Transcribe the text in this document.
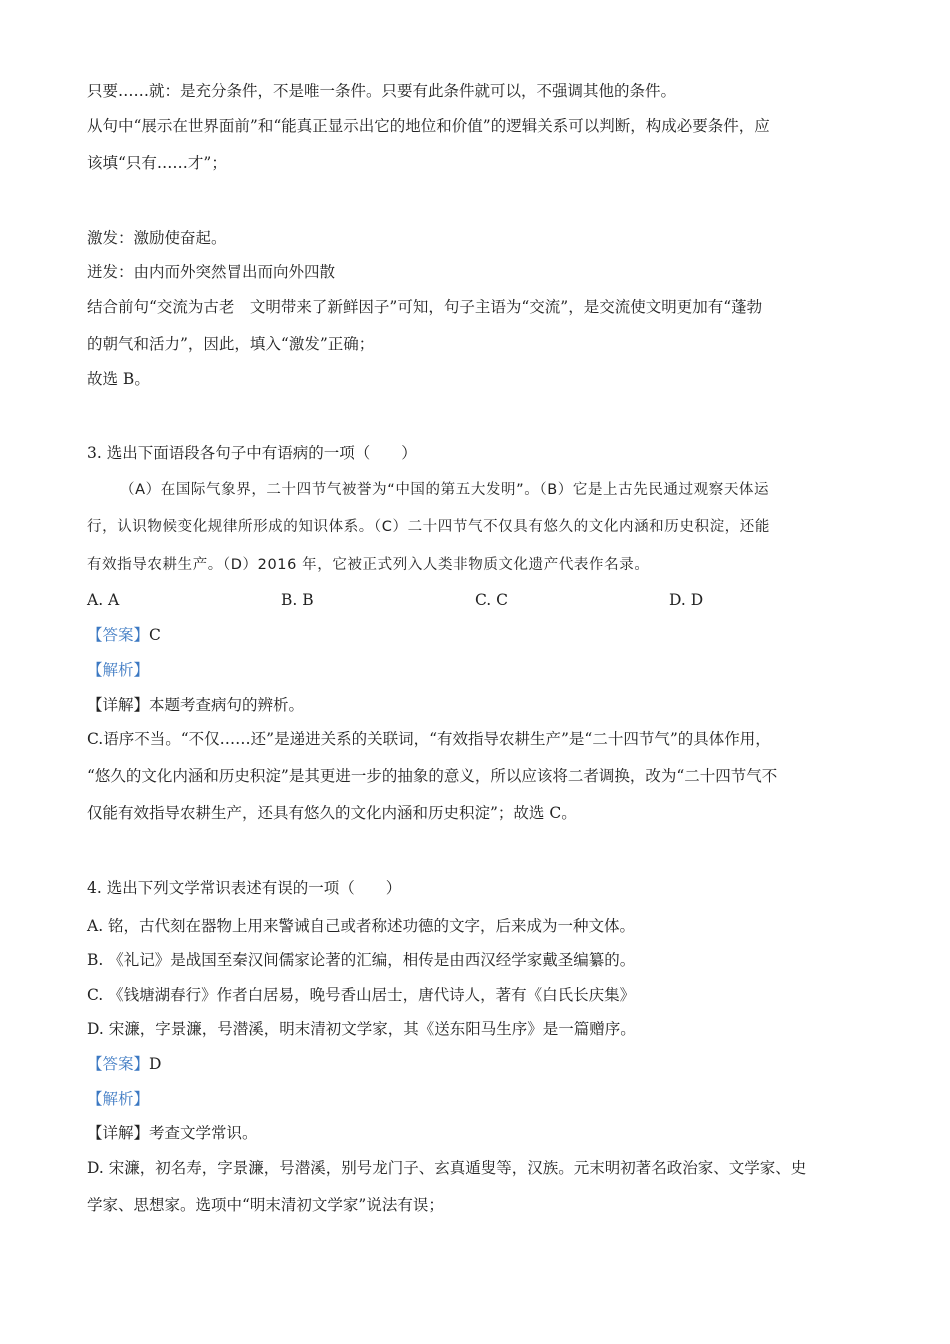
只要……就：是充分条件，不是唯一条件。只要有此条件就可以，不强调其他的条件。
从句中“展示在世界面前”和“能真正显示出它的地位和价值”的逻辑关系可以判断，构成必要条件，应
该填“只有……才”；
激发：激励使奋起。
迸发：由内而外突然冒出而向外四散
结合前句“交流为古老　文明带来了新鲜因子”可知，句子主语为“交流”，是交流使文明更加有“蓬勃
的朝气和活力”，因此，填入“激发”正确；
故选 B。
3. 选出下面语段各句子中有语病的一项（　　）
（A）在国际气象界，二十四节气被誉为“中国的第五大发明”。（B）它是上古先民通过观察天体运
行，认识物候变化规律所形成的知识体系。（C）二十四节气不仅具有悠久的文化内涵和历史积淀，还能
有效指导农耕生产。（D）2016 年，它被正式列入人类非物质文化遗产代表作名录。
A. A	B. B	C. C	D. D
【答案】C
【解析】
【详解】本题考查病句的辨析。
C.语序不当。“不仅……还”是递进关系的关联词，“有效指导农耕生产”是“二十四节气”的具体作用，
“悠久的文化内涵和历史积淀”是其更进一步的抽象的意义，所以应该将二者调换，改为“二十四节气不
仅能有效指导农耕生产，还具有悠久的文化内涵和历史积淀”；故选 C。
4. 选出下列文学常识表述有误的一项（　　）
A. 铭，古代刻在器物上用来警诫自己或者称述功德的文字，后来成为一种文体。
B. 《礼记》是战国至秦汉间儒家论著的汇编，相传是由西汉经学家戴圣编纂的。
C. 《钱塘湖春行》作者白居易，晚号香山居士，唐代诗人，著有《白氏长庆集》
D. 宋濂，字景濂，号潜溪，明末清初文学家，其《送东阳马生序》是一篇赠序。
【答案】D
【解析】
【详解】考查文学常识。
D. 宋濂，初名寿，字景濂，号潜溪，别号龙门子、玄真遁叟等，汉族。元末明初著名政治家、文学家、史
学家、思想家。选项中“明末清初文学家”说法有误；
